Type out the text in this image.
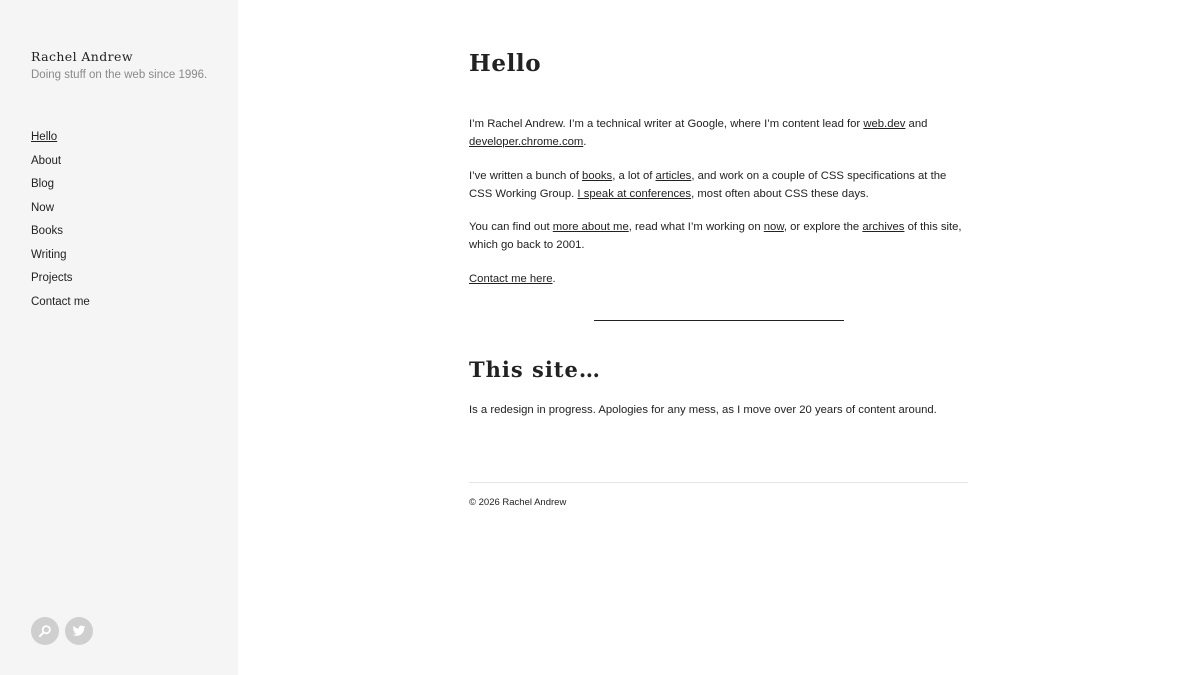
Rachel Andrew

Doing stuff on the web since 1996.

Hello
About
Blog
Now
Books
Writing
Projects
Contact me
Hello

I’m Rachel Andrew. I’m a technical writer at Google, where I’m content lead for web.dev and developer.chrome.com.

I’ve written a bunch of books, a lot of articles, and work on a couple of CSS specifications at the CSS Working Group. I speak at conferences, most often about CSS these days.

You can find out more about me, read what I’m working on now, or explore the archives of this site, which go back to 2001.

Contact me here.

This site…

Is a redesign in progress. Apologies for any mess, as I move over 20 years of content around.

© 2026 Rachel Andrew
